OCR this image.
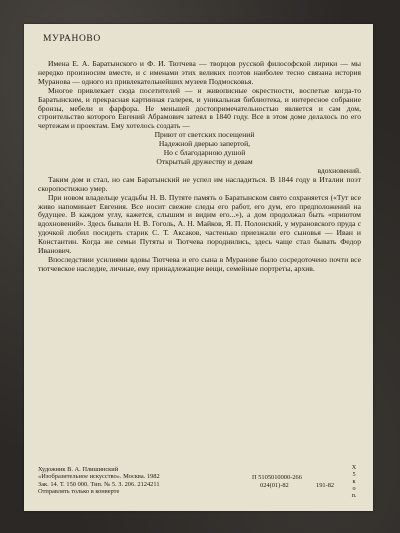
МУРАНОВО

Имена Е. А. Баратынского и Ф. И. Тютчева — творцов русской философской лирики — мы нередко произносим вместе, и с именами этих великих поэтов наиболее тесно связана история Муранова — одного из привлекательнейших музеев Подмосковья.

Многое привлекает сюда посетителей — и живописные окрестности, воспетые когда-то Баратынским, и прекрасная картинная галерея, и уникальная библиотека, и интересное собрание бронзы, мебели и фарфора. Не меньшей достопримечательностью является и сам дом, строительство которого Евгений Абрамович затеял в 1840 году. Все в этом доме делалось по его чертежам и проектам. Ему хотелось создать —

Приют от светских посещений

Надежной дверью запертой,

Но с благодарною душой

Открытый дружеству и девам

вдохновений.

Таким дом и стал, но сам Баратынский не успел им насладиться. В 1844 году в Италии поэт скоропостижно умер.

При новом владельце усадьбы Н. В. Путяте память о Баратынском свято сохраняется («Тут все живо напоминает Евгения. Все носит свежие следы его работ, его дум, его предположений на будущее. В каждом углу, кажется, слышим и видим его...»), а дом продолжал быть «приютом вдохновений». Здесь бывали Н. В. Гоголь, А. Н. Майков, Я. П. Полонский, у мурановского пруда с удочкой любил посидеть старик С. Т. Аксаков, частенько приезжали его сыновья — Иван и Константин. Когда же семьи Путяты и Тютчева породнились, здесь чаще стал бывать Федор Иванович.

Впоследствии усилиями вдовы Тютчева и его сына в Муранове было сосредоточено почти все тютчевское наследие, личные, ему принадлежащие вещи, семейные портреты, архив.

Художник В. А. Плишинский
«Изобразительное искусство». Москва. 1982
Зак. 14. Т. 150 000. Тип. № 5. З. 206. 2124211
Отправлять только в конверте
П 5105010000-266
024(01)-82	191-82
Х
5
к
о
п.
